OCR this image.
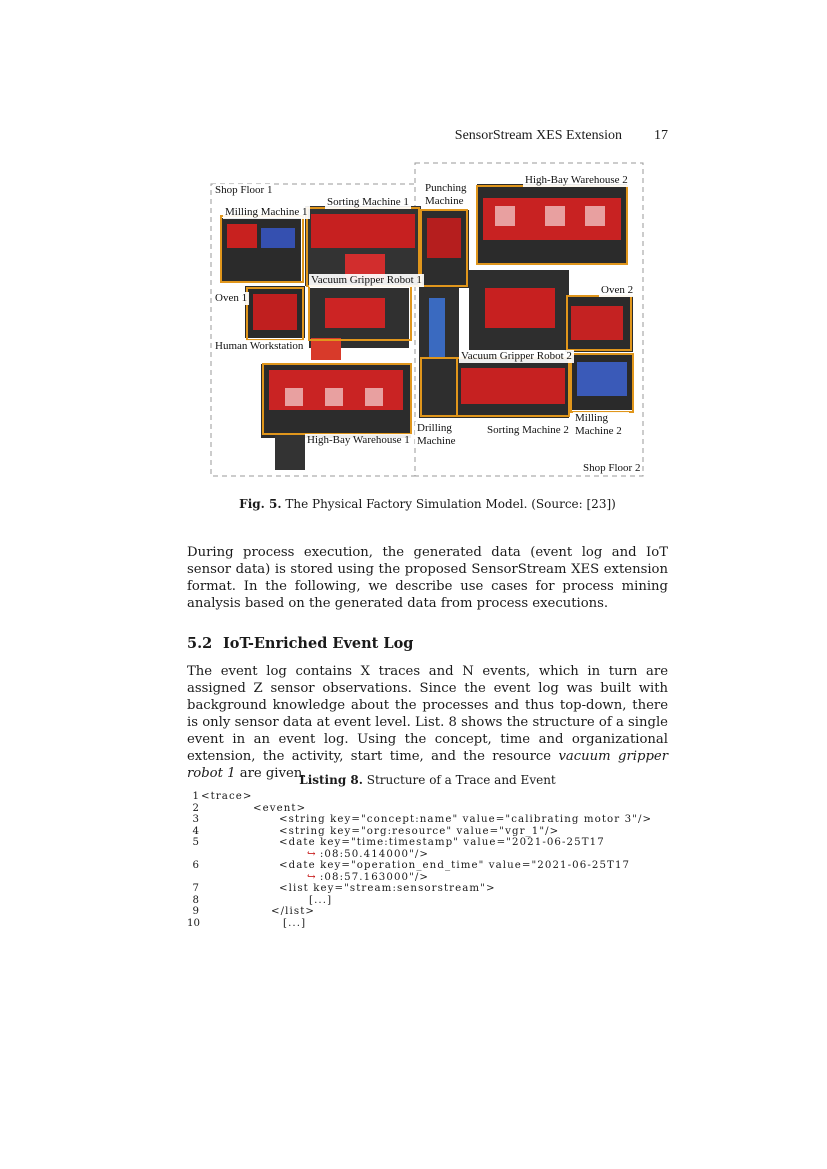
SensorStream XES Extension 17
Shop Floor 1
Milling Machine 1
Sorting Machine 1
Punching Machine
High-Bay Warehouse 2
Vacuum Gripper Robot 1
Oven 1
Oven 2
Human Workstation
Vacuum Gripper Robot 2
High-Bay Warehouse 1
Drilling Machine
Sorting Machine 2
Milling Machine 2
Shop Floor 2
Fig. 5. The Physical Factory Simulation Model. (Source: [23])

During process execution, the generated data (event log and IoT sensor data) is stored using the proposed SensorStream XES extension format. In the following, we describe use cases for process mining analysis based on the generated data from process executions.

5.2 IoT-Enriched Event Log

The event log contains X traces and N events, which in turn are assigned Z sensor observations. Since the event log was built with background knowledge about the processes and thus top-down, there is only sensor data at event level. List. 8 shows the structure of a single event in an event log. Using the concept, time and organizational extension, the activity, start time, and the resource vacuum gripper robot 1 are given.

Listing 8. Structure of a Trace and Event
1 <trace>
2	<event>
3	<string key="concept:name" value="calibrating motor 3"/>
4	<string key="org:resource" value="vgr_1"/>
5	<date key="time:timestamp" value="2021-06-25T17
↪ :08:50.414000"/>
6	<date key="operation_end_time" value="2021-06-25T17
↪ :08:57.163000"/>
7	<list key="stream:sensorstream">
8	[...]
9	</list>
10	[...]
